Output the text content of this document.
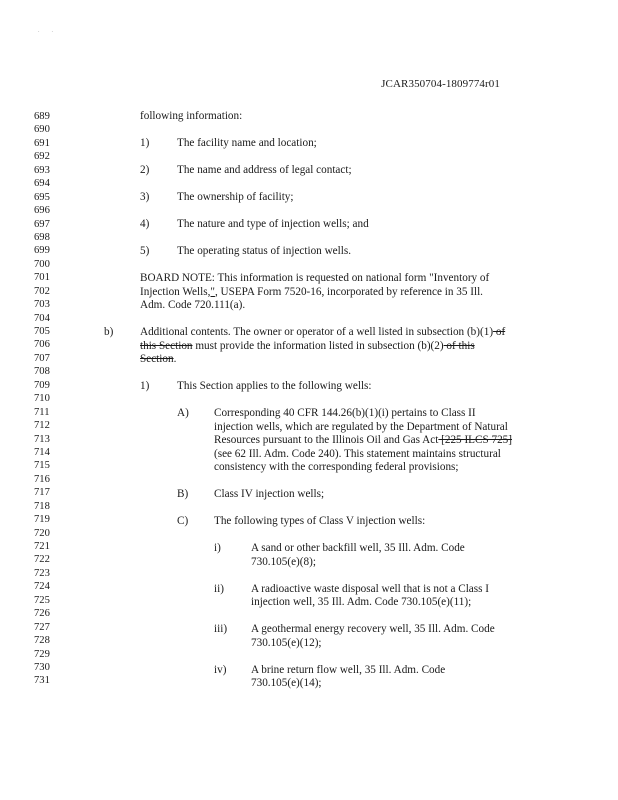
.        .
JCAR350704-1809774r01
689
690
691
692
693
694
695
696
697
698
699
700
701
702
703
704
705
706
707
708
709
710
711
712
713
714
715
716
717
718
719
720
721
722
723
724
725
726
727
728
729
730
731
following information:
1) The facility name and location;
2) The name and address of legal contact;
3) The ownership of facility;
4) The nature and type of injection wells; and
5) The operating status of injection wells.
BOARD NOTE: This information is requested on national form "Inventory of
Injection Wells,", USEPA Form 7520-16, incorporated by reference in 35 Ill.
Adm. Code 720.111(a).
b) Additional contents. The owner or operator of a well listed in subsection (b)(1) of
this Section must provide the information listed in subsection (b)(2) of this
Section.
1) This Section applies to the following wells:
A) Corresponding 40 CFR 144.26(b)(1)(i) pertains to Class II
injection wells, which are regulated by the Department of Natural
Resources pursuant to the Illinois Oil and Gas Act [225 ILCS 725]
(see 62 Ill. Adm. Code 240). This statement maintains structural
consistency with the corresponding federal provisions;
B) Class IV injection wells;
C) The following types of Class V injection wells:
i)	A sand or other backfill well, 35 Ill. Adm. Code
730.105(e)(8);
ii) A radioactive waste disposal well that is not a Class I
injection well, 35 Ill. Adm. Code 730.105(e)(11);
iii) A geothermal energy recovery well, 35 Ill. Adm. Code
730.105(e)(12);
iv) A brine return flow well, 35 Ill. Adm. Code
730.105(e)(14);
